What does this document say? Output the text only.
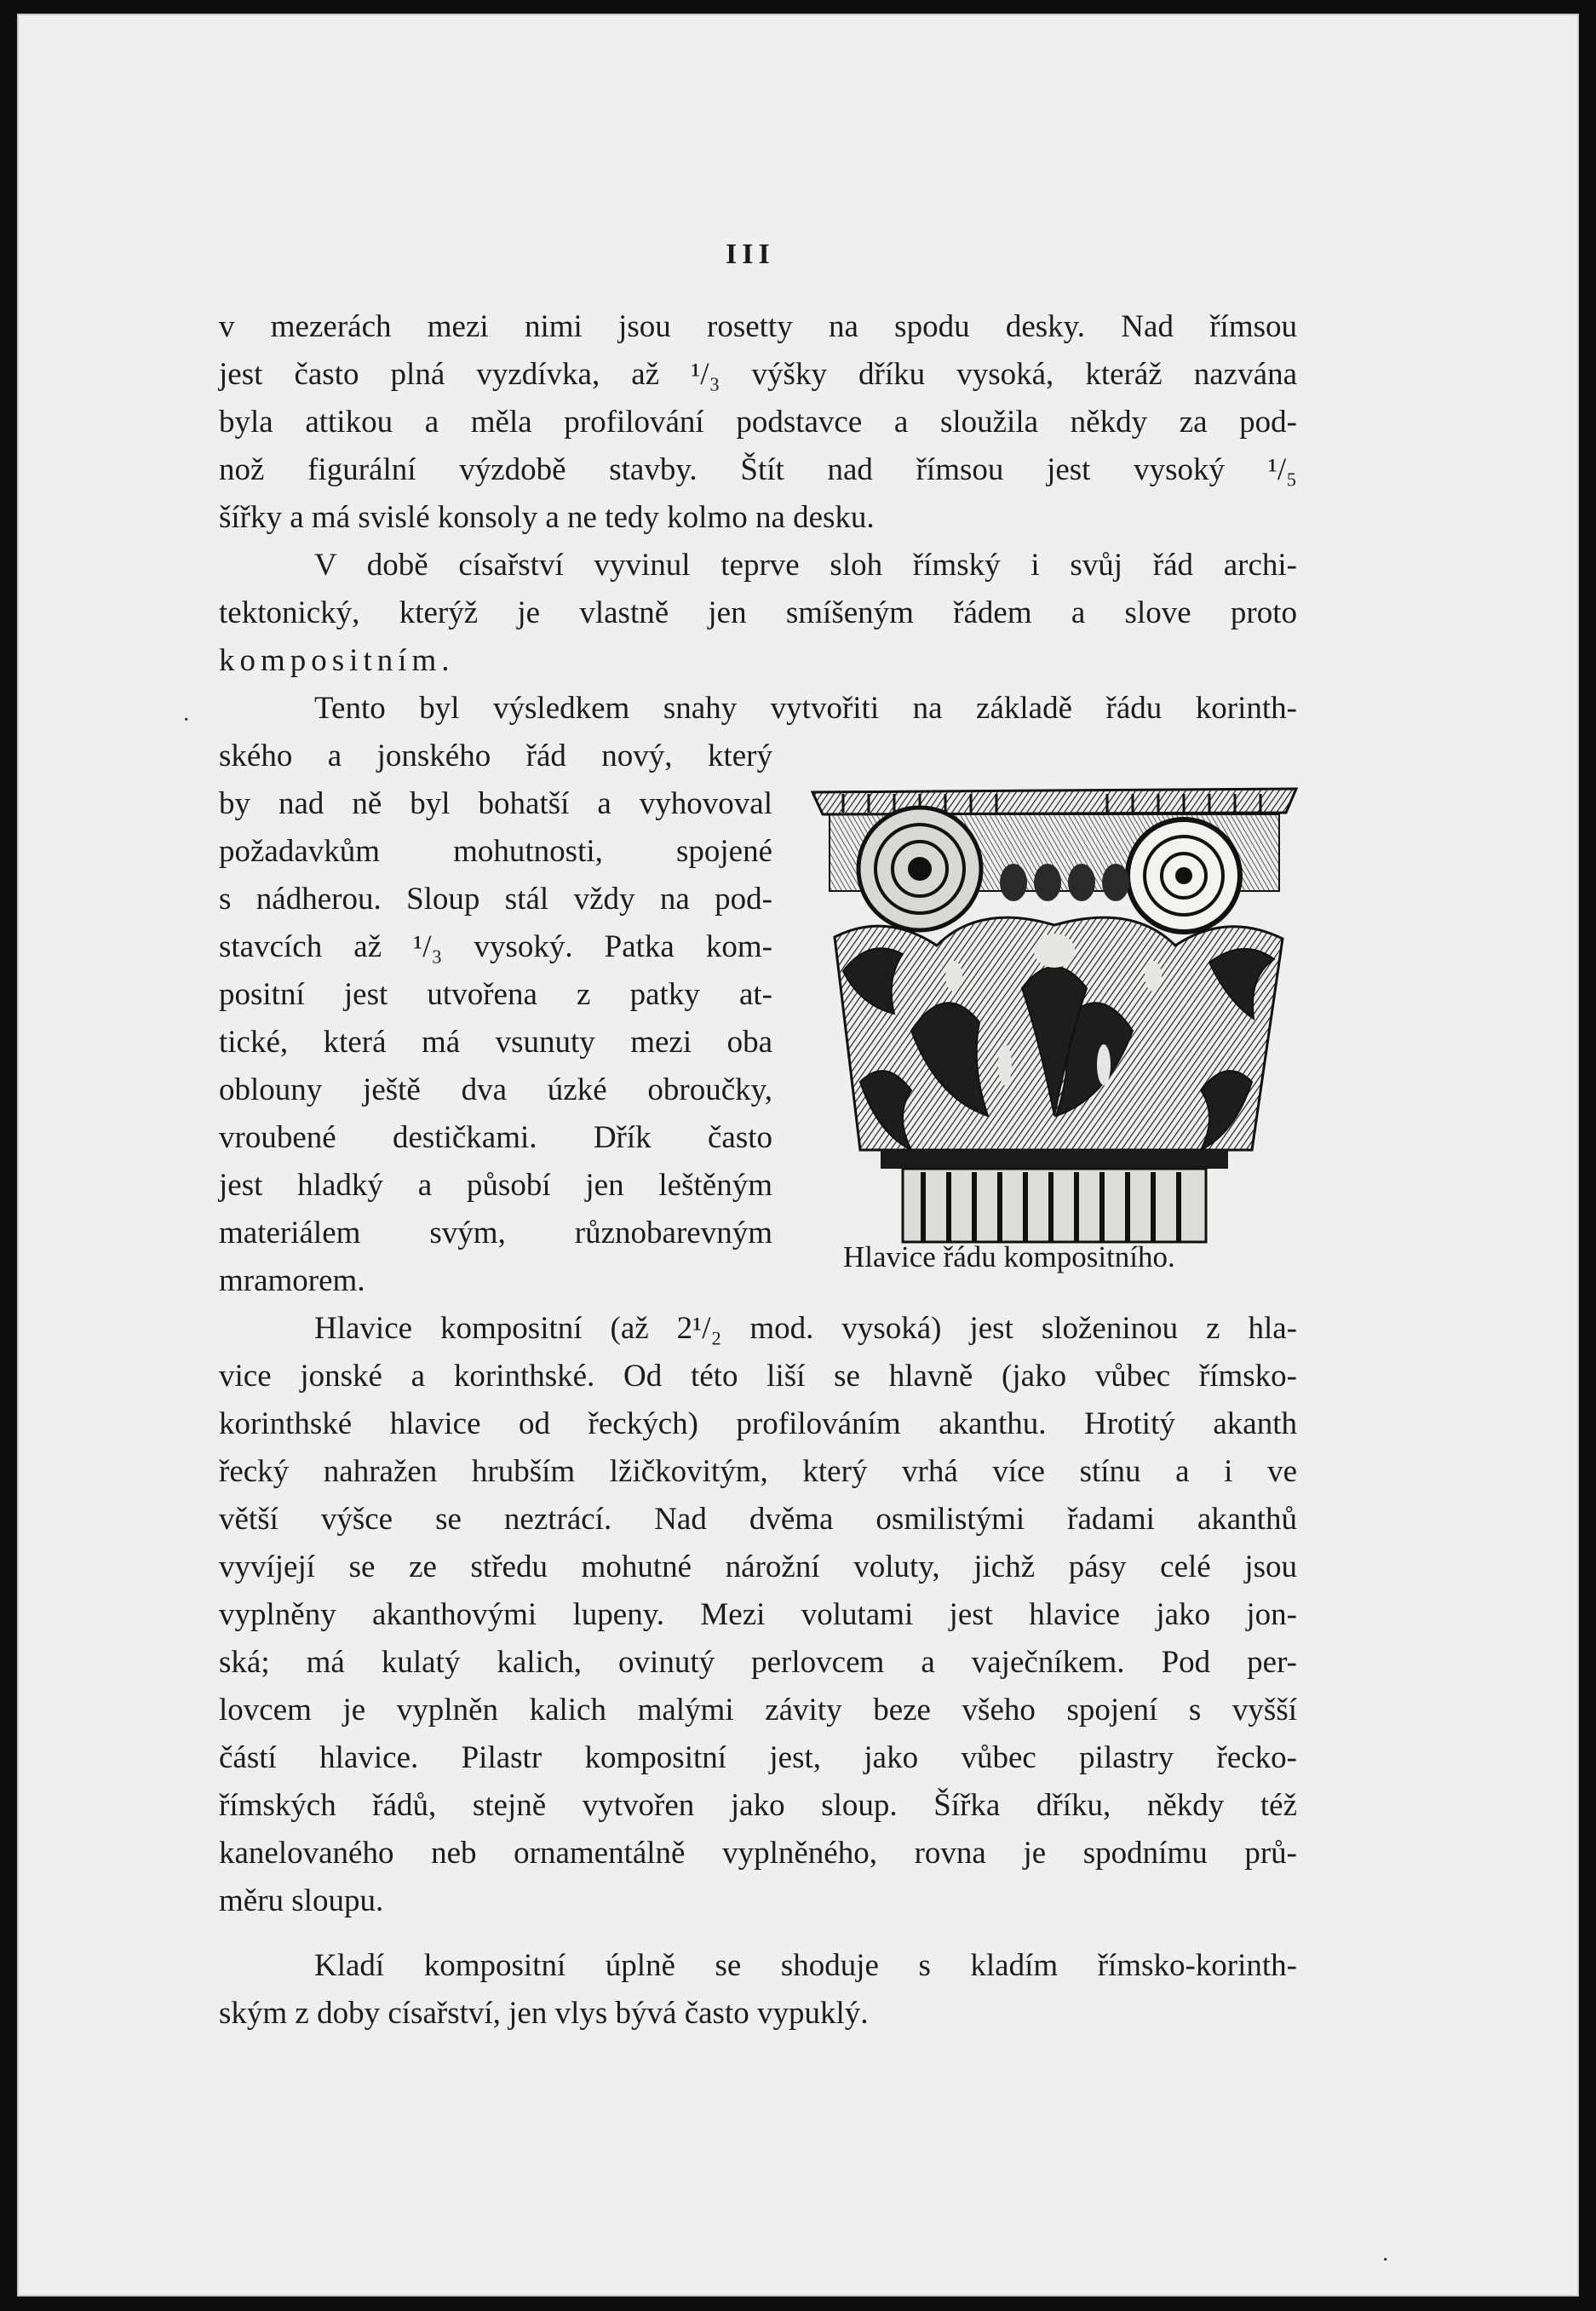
III
v mezerách mezi nimi jsou rosetty na spodu desky. Nad římsou
jest často plná vyzdívka, až ¹/₃ výšky dříku vysoká, kteráž nazvána
byla attikou a měla profilování podstavce a sloužila někdy za pod-
nož figurální výzdobě stavby. Štít nad římsou jest vysoký ¹/₅
šířky a má svislé konsoly a ne tedy kolmo na desku.
V době císařství vyvinul teprve sloh římský i svůj řád archi-
tektonický, kterýž je vlastně jen smíšeným řádem a slove proto
kompositním.
Tento byl výsledkem snahy vytvořiti na základě řádu korinth-
ského a jonského řád nový, který
by nad ně byl bohatší a vyhovoval
požadavkům mohutnosti, spojené
s nádherou. Sloup stál vždy na pod-
stavcích až ¹/₃ vysoký. Patka kom-
positní jest utvořena z patky at-
tické, která má vsunuty mezi oba
oblouny ještě dva úzké obroučky,
vroubené destičkami. Dřík často
jest hladký a působí jen leštěným
materiálem svým, různobarevným
mramorem.
Hlavice řádu kompositního.
Hlavice kompositní (až 2¹/₂ mod. vysoká) jest složeninou z hla-
vice jonské a korinthské. Od této liší se hlavně (jako vůbec římsko-
korinthské hlavice od řeckých) profilováním akanthu. Hrotitý akanth
řecký nahražen hrubším lžičkovitým, který vrhá více stínu a i ve
větší výšce se neztrácí. Nad dvěma osmilistými řadami akanthů
vyvíjejí se ze středu mohutné nárožní voluty, jichž pásy celé jsou
vyplněny akanthovými lupeny. Mezi volutami jest hlavice jako jon-
ská; má kulatý kalich, ovinutý perlovcem a vaječníkem. Pod per-
lovcem je vyplněn kalich malými závity beze všeho spojení s vyšší
částí hlavice. Pilastr kompositní jest, jako vůbec pilastry řecko-
římských řádů, stejně vytvořen jako sloup. Šířka dříku, někdy též
kanelovaného neb ornamentálně vyplněného, rovna je spodnímu prů-
měru sloupu.
Kladí kompositní úplně se shoduje s kladím římsko-korinth-
ským z doby císařství, jen vlys bývá často vypuklý.
·
·
